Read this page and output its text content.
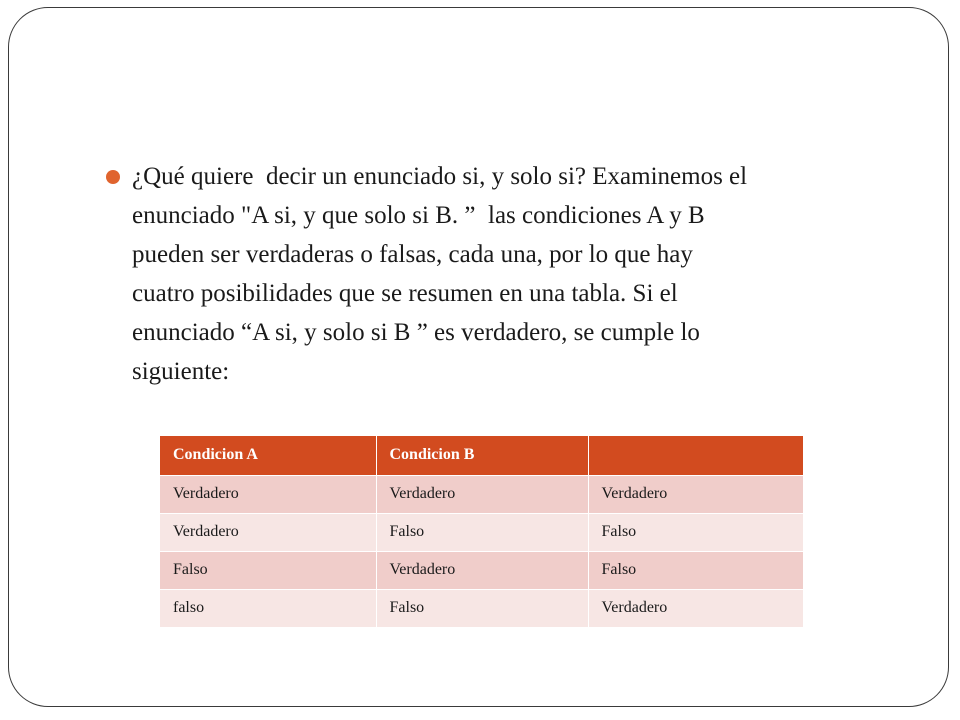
¿Qué quiere  decir un enunciado si, y solo si? Examinemos el
enunciado "A si, y que solo si B. ”  las condiciones A y B
pueden ser verdaderas o falsas, cada una, por lo que hay
cuatro posibilidades que se resumen en una tabla. Si el
enunciado “A si, y solo si B ” es verdadero, se cumple lo
siguiente:

Condicion A	Condicion B	
Verdadero	Verdadero	Verdadero
Verdadero	Falso	Falso
Falso	Verdadero	Falso
falso	Falso	Verdadero
